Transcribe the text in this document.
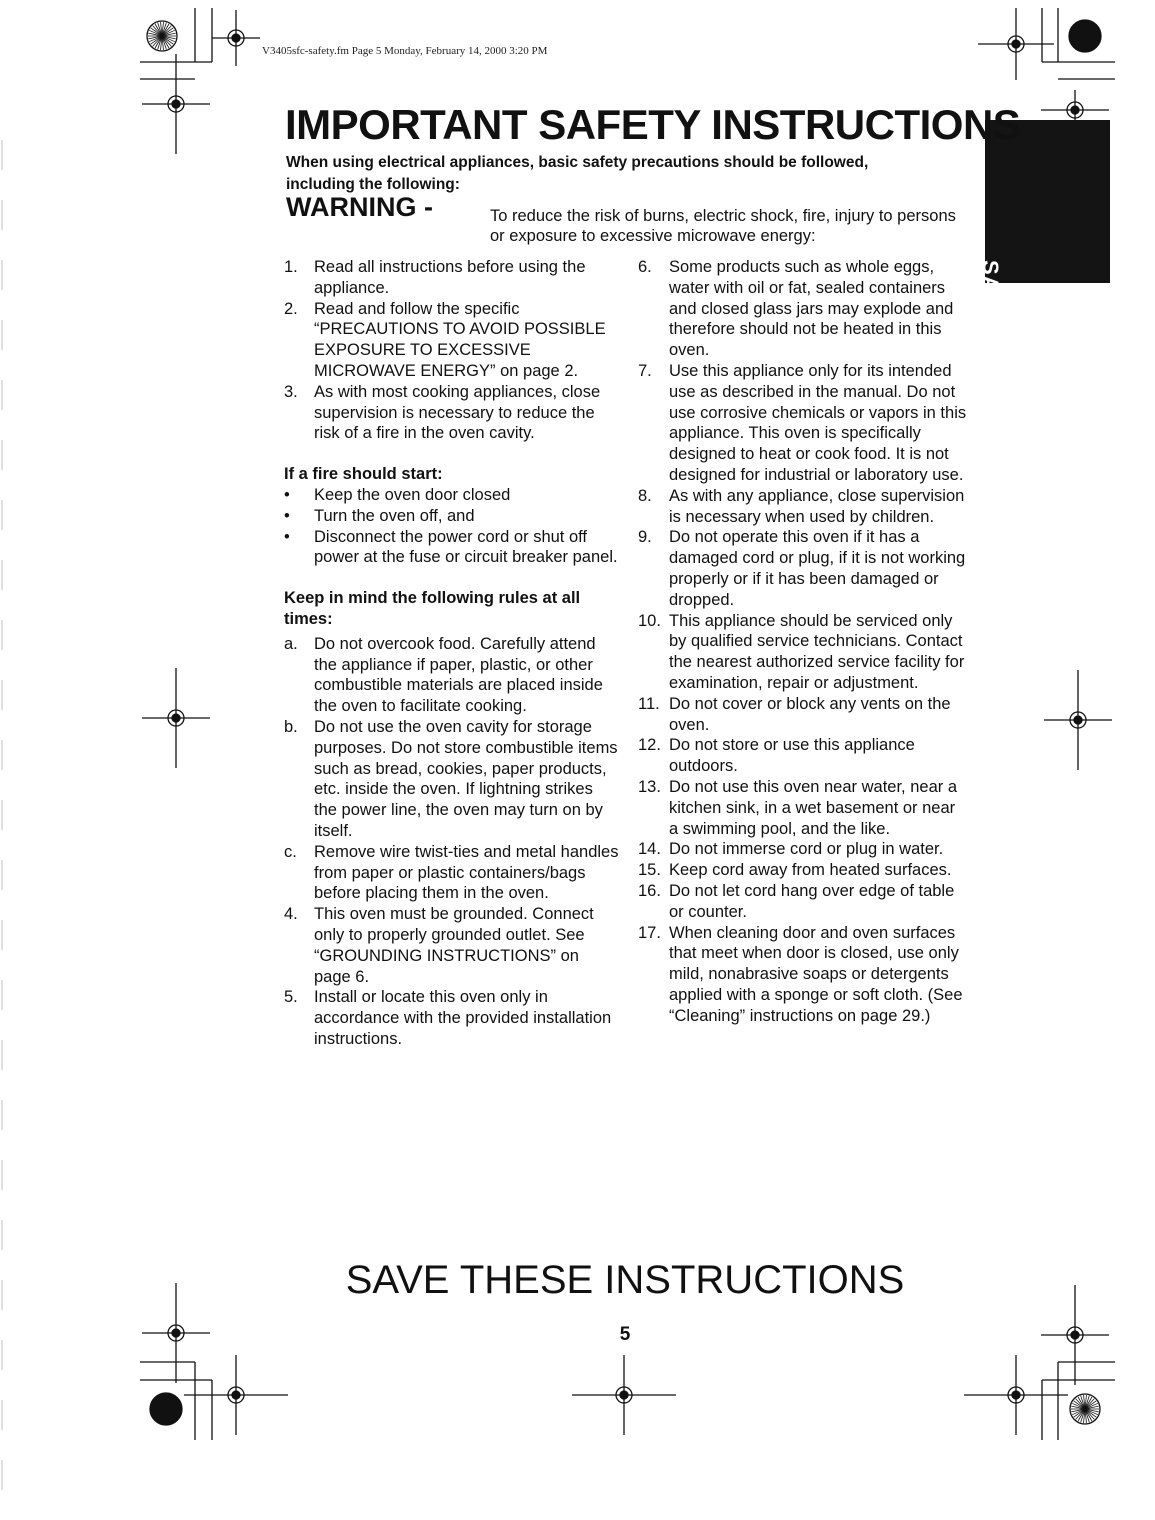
V3405sfc-safety.fm Page 5 Monday, February 14, 2000 3:20 PM
SAFETY
IMPORTANT SAFETY INSTRUCTIONS
When using electrical appliances, basic safety precautions should be followed, including the following:
WARNING -	To reduce the risk of burns, electric shock, fire, injury to persons or exposure to excessive microwave energy:
1. Read all instructions before using the appliance.
2. Read and follow the specific “PRECAUTIONS TO AVOID POSSIBLE EXPOSURE TO EXCESSIVE MICROWAVE ENERGY” on page 2.
3. As with most cooking appliances, close supervision is necessary to reduce the risk of a fire in the oven cavity.
If a fire should start:
•	Keep the oven door closed
•	Turn the oven off, and
•	Disconnect the power cord or shut off power at the fuse or circuit breaker panel.
Keep in mind the following rules at all times:
a. Do not overcook food. Carefully attend the appliance if paper, plastic, or other combustible materials are placed inside the oven to facilitate cooking.
b. Do not use the oven cavity for storage purposes. Do not store combustible items such as bread, cookies, paper products, etc. inside the oven. If lightning strikes the power line, the oven may turn on by itself.
c.	Remove wire twist-ties and metal handles from paper or plastic containers/bags before placing them in the oven.
4. This oven must be grounded. Connect only to properly grounded outlet. See “GROUNDING INSTRUCTIONS” on page 6.
5. Install or locate this oven only in accordance with the provided installation instructions.
6.	Some products such as whole eggs, water with oil or fat, sealed containers and closed glass jars may explode and therefore should not be heated in this oven.
7.	Use this appliance only for its intended use as described in the manual. Do not use corrosive chemicals or vapors in this appliance. This oven is specifically designed to heat or cook food. It is not designed for industrial or laboratory use.
8.	As with any appliance, close supervision is necessary when used by children.
9.	Do not operate this oven if it has a damaged cord or plug, if it is not working properly or if it has been damaged or dropped.
10. This appliance should be serviced only by qualified service technicians. Contact the nearest authorized service facility for examination, repair or adjustment.
11. Do not cover or block any vents on the oven.
12. Do not store or use this appliance outdoors.
13. Do not use this oven near water, near a kitchen sink, in a wet basement or near a swimming pool, and the like.
14. Do not immerse cord or plug in water.
15. Keep cord away from heated surfaces.
16. Do not let cord hang over edge of table or counter.
17. When cleaning door and oven surfaces that meet when door is closed, use only mild, nonabrasive soaps or detergents applied with a sponge or soft cloth. (See “Cleaning” instructions on page 29.)
SAVE THESE INSTRUCTIONS
5
